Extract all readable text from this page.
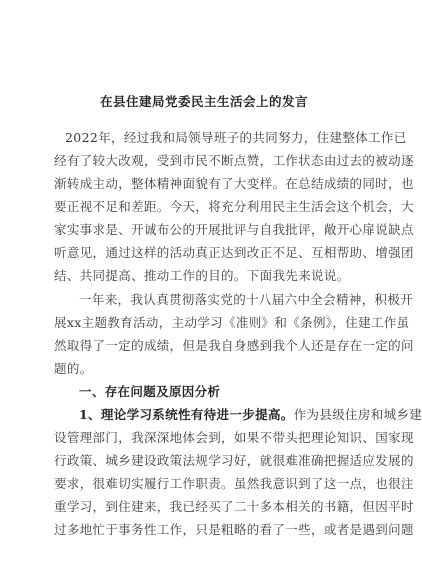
在县住建局党委民主生活会上的发言
2022年，经过我和局领导班子的共同努力，住建整体工作已
经有了较大改观，受到市民不断点赞，工作状态由过去的被动逐
渐转成主动，整体精神面貌有了大变样。在总结成绩的同时，也
要正视不足和差距。今天，将充分利用民主生活会这个机会，大
家实事求是、开诚布公的开展批评与自我批评，敞开心扉说缺点
听意见，通过这样的活动真正达到改正不足、互相帮助、增强团
结、共同提高、推动工作的目的。下面我先来说说。
一年来，我认真贯彻落实党的十八届六中全会精神，积极开
展xx主题教育活动，主动学习《准则》和《条例》，住建工作虽
然取得了一定的成绩，但是我自身感到我个人还是存在一定的问
题的。
一、存在问题及原因分析
1、理论学习系统性有待进一步提高。作为县级住房和城乡建
设管理部门，我深深地体会到，如果不带头把理论知识、国家现
行政策、城乡建设政策法规学习好，就很难准确把握适应发展的
要求，很难切实履行工作职责。虽然我意识到了这一点，也很注
重学习，到住建来，我已经买了二十多本相关的书籍，但因平时
过多地忙于事务性工作，只是粗略的看了一些，或者是遇到问题
